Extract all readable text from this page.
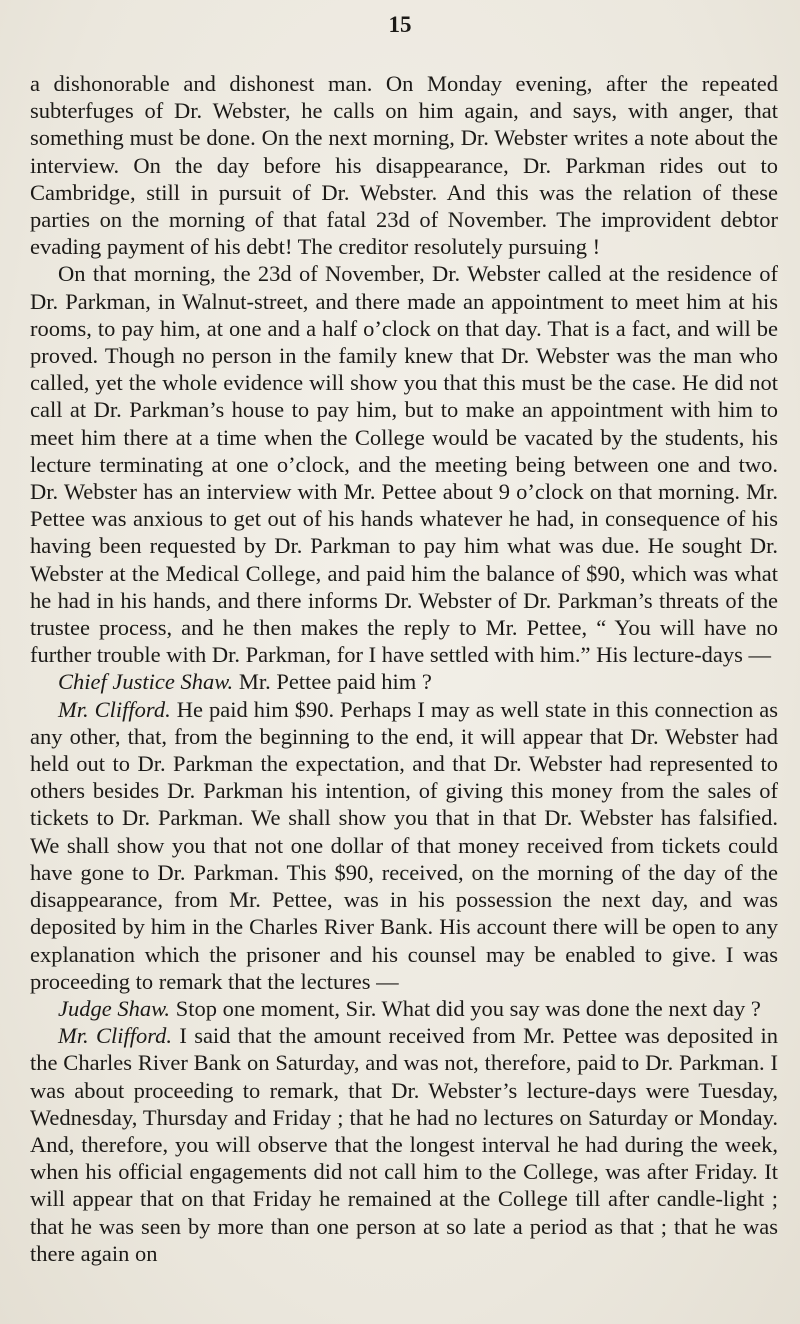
15

a dishonorable and dishonest man. On Monday evening, after the repeated subterfuges of Dr. Webster, he calls on him again, and says, with anger, that something must be done. On the next morning, Dr. Webster writes a note about the interview. On the day before his disappearance, Dr. Parkman rides out to Cambridge, still in pursuit of Dr. Webster. And this was the relation of these parties on the morning of that fatal 23d of November. The improvident debtor evading payment of his debt! The creditor resolutely pursuing !

On that morning, the 23d of November, Dr. Webster called at the residence of Dr. Parkman, in Walnut-street, and there made an appointment to meet him at his rooms, to pay him, at one and a half o’clock on that day. That is a fact, and will be proved. Though no person in the family knew that Dr. Webster was the man who called, yet the whole evidence will show you that this must be the case. He did not call at Dr. Parkman’s house to pay him, but to make an appointment with him to meet him there at a time when the College would be vacated by the students, his lecture terminating at one o’clock, and the meeting being between one and two. Dr. Webster has an interview with Mr. Pettee about 9 o’clock on that morning. Mr. Pettee was anxious to get out of his hands whatever he had, in consequence of his having been requested by Dr. Parkman to pay him what was due. He sought Dr. Webster at the Medical College, and paid him the balance of $90, which was what he had in his hands, and there informs Dr. Webster of Dr. Parkman’s threats of the trustee process, and he then makes the reply to Mr. Pettee, “ You will have no further trouble with Dr. Parkman, for I have settled with him.” His lecture-days —

Chief Justice Shaw. Mr. Pettee paid him ?

Mr. Clifford. He paid him $90. Perhaps I may as well state in this connection as any other, that, from the beginning to the end, it will appear that Dr. Webster had held out to Dr. Parkman the expectation, and that Dr. Webster had represented to others besides Dr. Parkman his intention, of giving this money from the sales of tickets to Dr. Parkman. We shall show you that in that Dr. Webster has falsified. We shall show you that not one dollar of that money received from tickets could have gone to Dr. Parkman. This $90, received, on the morning of the day of the disappearance, from Mr. Pettee, was in his possession the next day, and was deposited by him in the Charles River Bank. His account there will be open to any explanation which the prisoner and his counsel may be enabled to give. I was proceeding to remark that the lectures —

Judge Shaw. Stop one moment, Sir. What did you say was done the next day ?

Mr. Clifford. I said that the amount received from Mr. Pettee was deposited in the Charles River Bank on Saturday, and was not, therefore, paid to Dr. Parkman. I was about proceeding to remark, that Dr. Webster’s lecture-days were Tuesday, Wednesday, Thursday and Friday ; that he had no lectures on Saturday or Monday. And, therefore, you will observe that the longest interval he had during the week, when his official engagements did not call him to the College, was after Friday. It will appear that on that Friday he remained at the College till after candle-light ; that he was seen by more than one person at so late a period as that ; that he was there again on
